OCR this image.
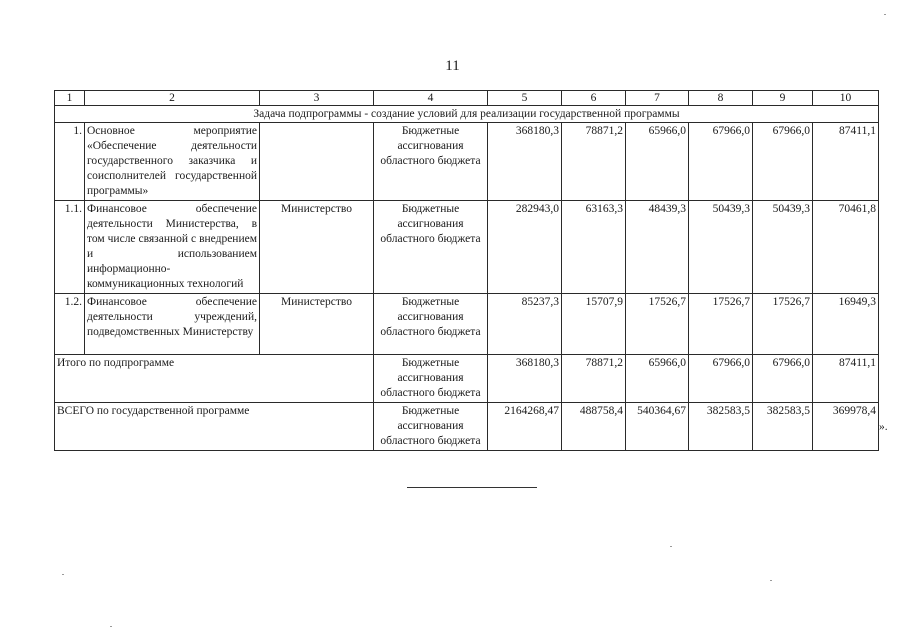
11
1	2	3	4	5	6	7	8	9	10
Задача подпрограммы - создание условий для реализации государственной программы									
1.	Основное мероприятие «Обеспечение деятельности государственного заказчика и соисполнителей государственной программы»		Бюджетные ассигнования областного бюджета	368180,3	78871,2	65966,0	67966,0	67966,0	87411,1
1.1.	Финансовое обеспечение деятельности Министерства, в том числе связанной с внедрением и использованием информационно-коммуникационных технологий	Министерство	Бюджетные ассигнования областного бюджета	282943,0	63163,3	48439,3	50439,3	50439,3	70461,8
1.2.	Финансовое обеспечение деятельности учреждений, подведомственных Министерству	Министерство	Бюджетные ассигнования областного бюджета	85237,3	15707,9	17526,7	17526,7	17526,7	16949,3
Итого по подпрограмме			Бюджетные ассигнования областного бюджета	368180,3	78871,2	65966,0	67966,0	67966,0	87411,1
ВСЕГО по государственной программе			Бюджетные ассигнования областного бюджета	2164268,47	488758,4	540364,67	382583,5	382583,5	369978,4
».
